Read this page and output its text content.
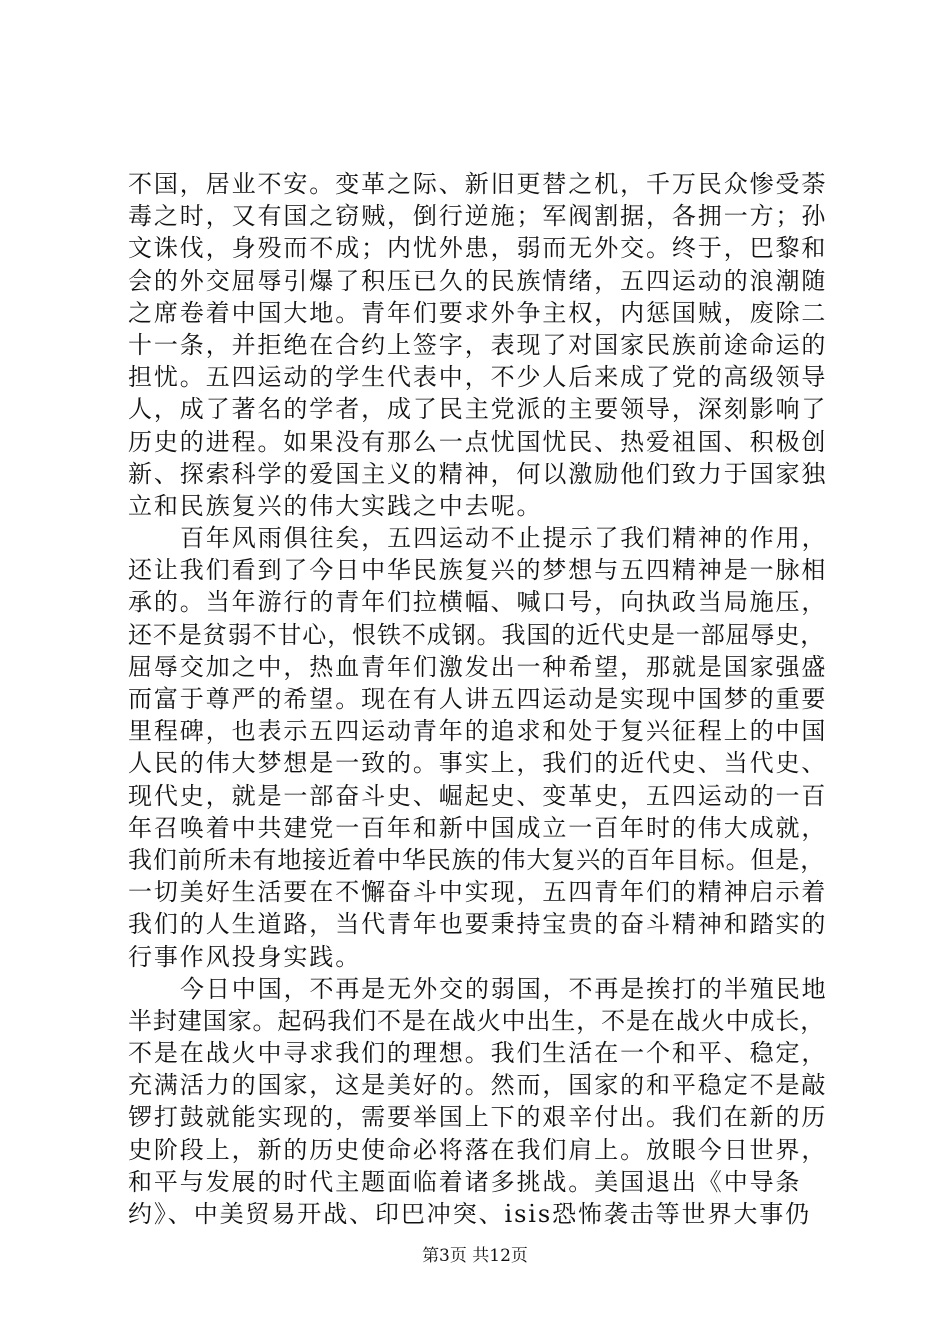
不国，居业不安。变革之际、新旧更替之机，千万民众惨受荼
毒之时，又有国之窃贼，倒行逆施；军阀割据，各拥一方；孙
文诛伐，身殁而不成；内忧外患，弱而无外交。终于，巴黎和
会的外交屈辱引爆了积压已久的民族情绪，五四运动的浪潮随
之席卷着中国大地。青年们要求外争主权，内惩国贼，废除二
十一条，并拒绝在合约上签字，表现了对国家民族前途命运的
担忧。五四运动的学生代表中，不少人后来成了党的高级领导
人，成了著名的学者，成了民主党派的主要领导，深刻影响了
历史的进程。如果没有那么一点忧国忧民、热爱祖国、积极创
新、探索科学的爱国主义的精神，何以激励他们致力于国家独
立和民族复兴的伟大实践之中去呢。
百年风雨俱往矣，五四运动不止提示了我们精神的作用，
还让我们看到了今日中华民族复兴的梦想与五四精神是一脉相
承的。当年游行的青年们拉横幅、喊口号，向执政当局施压，
还不是贫弱不甘心，恨铁不成钢。我国的近代史是一部屈辱史，
屈辱交加之中，热血青年们激发出一种希望，那就是国家强盛
而富于尊严的希望。现在有人讲五四运动是实现中国梦的重要
里程碑，也表示五四运动青年的追求和处于复兴征程上的中国
人民的伟大梦想是一致的。事实上，我们的近代史、当代史、
现代史，就是一部奋斗史、崛起史、变革史，五四运动的一百
年召唤着中共建党一百年和新中国成立一百年时的伟大成就，
我们前所未有地接近着中华民族的伟大复兴的百年目标。但是，
一切美好生活要在不懈奋斗中实现，五四青年们的精神启示着
我们的人生道路，当代青年也要秉持宝贵的奋斗精神和踏实的
行事作风投身实践。
今日中国，不再是无外交的弱国，不再是挨打的半殖民地
半封建国家。起码我们不是在战火中出生，不是在战火中成长，
不是在战火中寻求我们的理想。我们生活在一个和平、稳定，
充满活力的国家，这是美好的。然而，国家的和平稳定不是敲
锣打鼓就能实现的，需要举国上下的艰辛付出。我们在新的历
史阶段上，新的历史使命必将落在我们肩上。放眼今日世界，
和平与发展的时代主题面临着诸多挑战。美国退出《中导条
约》、中美贸易开战、印巴冲突、isis恐怖袭击等世界大事仍
第3页 共12页
